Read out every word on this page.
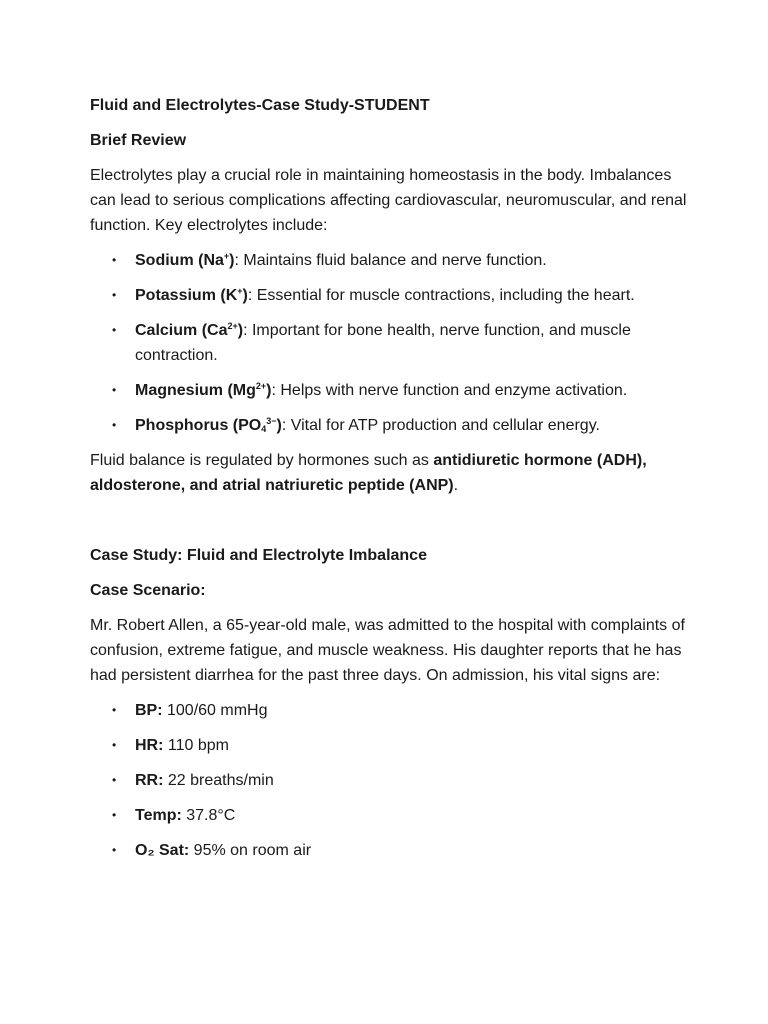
Fluid and Electrolytes-Case Study-STUDENT

Brief Review

Electrolytes play a crucial role in maintaining homeostasis in the body. Imbalances can lead to serious complications affecting cardiovascular, neuromuscular, and renal function. Key electrolytes include:

• Sodium (Na+): Maintains fluid balance and nerve function.
• Potassium (K+): Essential for muscle contractions, including the heart.
• Calcium $(Ca^{2+})$: Important for bone health, nerve function, and muscle contraction.
• Magnesium $(Mg^{2+})$: Helps with nerve function and enzyme activation.
• Phosphorus $(PO_4^{3-})$: Vital for ATP production and cellular energy.

Fluid balance is regulated by hormones such as antidiuretic hormone (ADH), aldosterone, and atrial natriuretic peptide (ANP).

Case Study: Fluid and Electrolyte Imbalance

Case Scenario:

Mr. Robert Allen, a 65-year-old male, was admitted to the hospital with complaints of confusion, extreme fatigue, and muscle weakness. His daughter reports that he has had persistent diarrhea for the past three days. On admission, his vital signs are:

• BP: 100/60 mmHg
• HR: 110 bpm
• RR: 22 breaths/min
• Temp: 37.8°C
• O₂ Sat: 95% on room air
